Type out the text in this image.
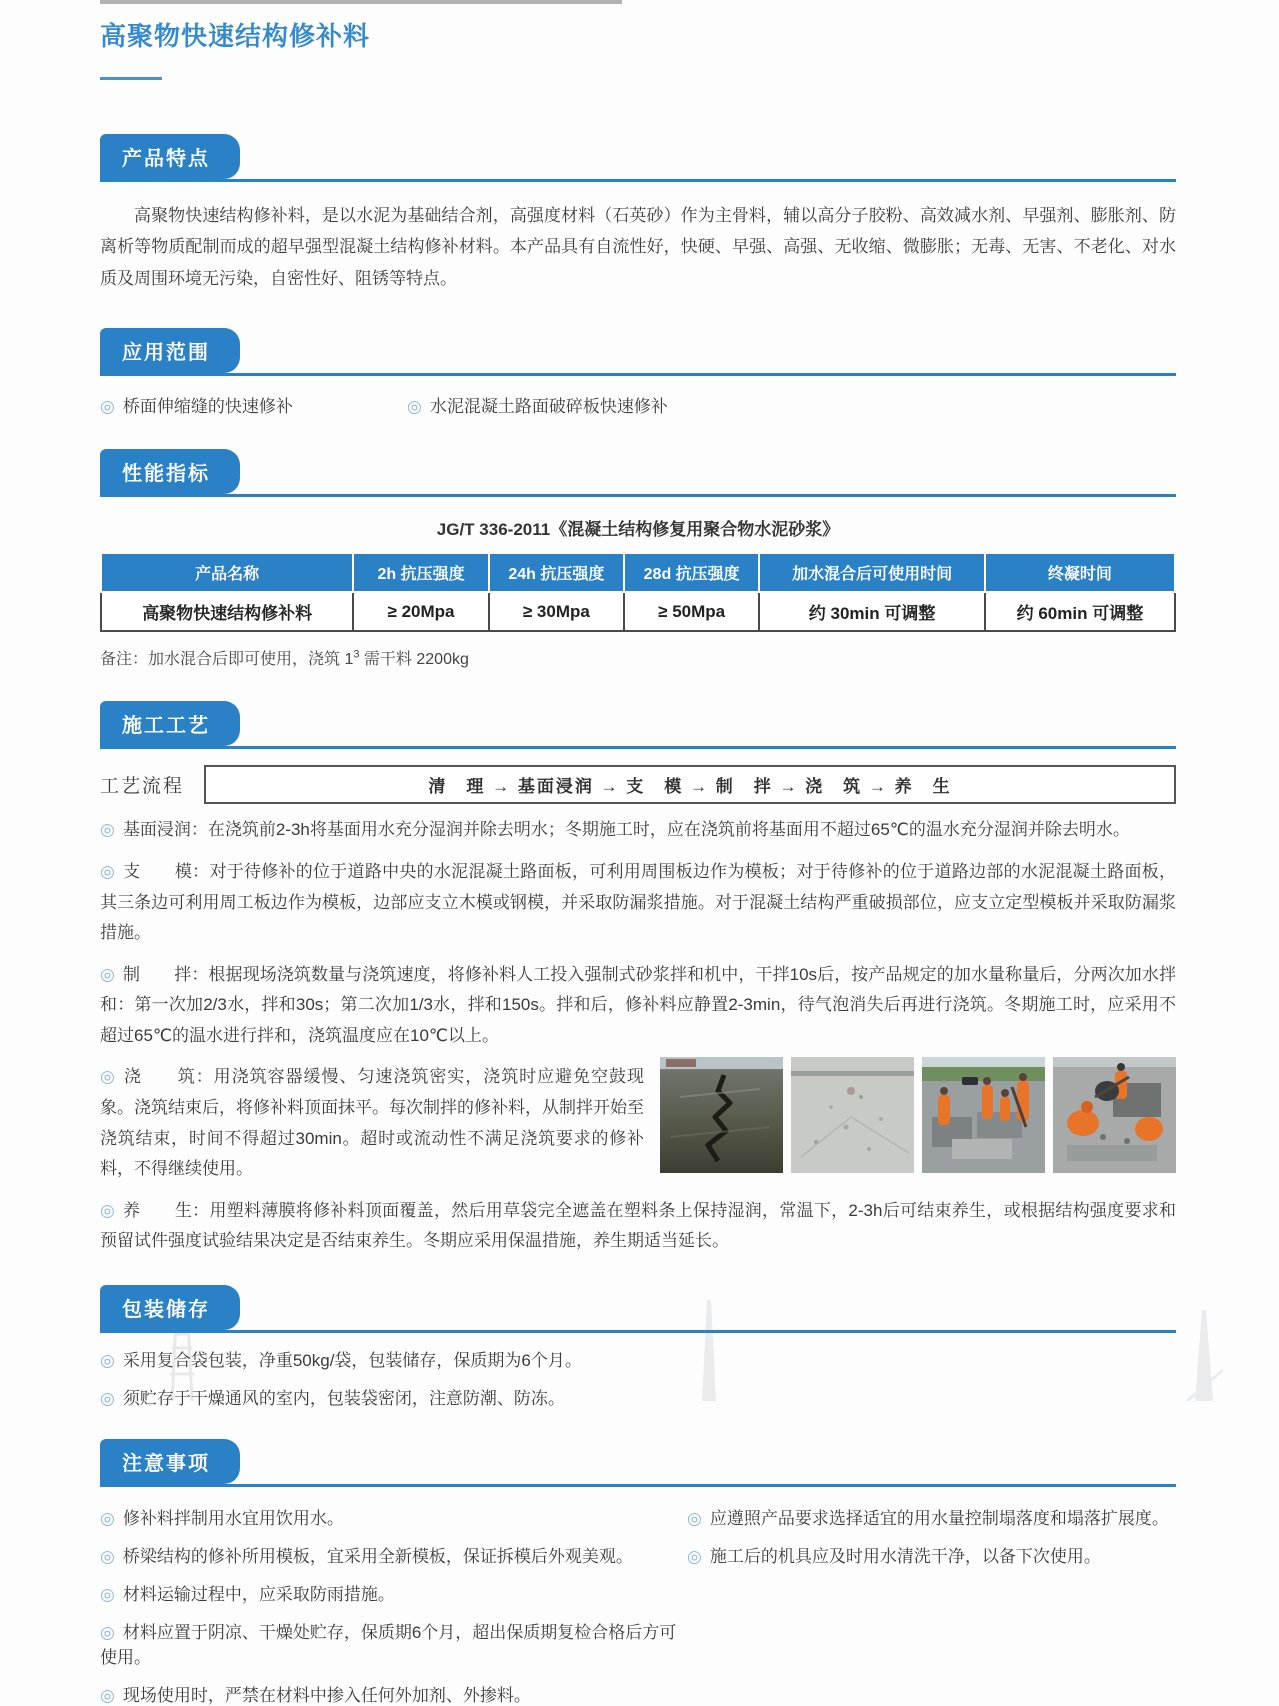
高聚物快速结构修补料
产品特点

高聚物快速结构修补料，是以水泥为基础结合剂，高强度材料（石英砂）作为主骨料，辅以高分子胶粉、高效减水剂、早强剂、膨胀剂、防离析等物质配制而成的超早强型混凝土结构修补材料。本产品具有自流性好，快硬、早强、高强、无收缩、微膨胀；无毒、无害、不老化、对水质及周围环境无污染，自密性好、阻锈等特点。

应用范围
◎ 桥面伸缩缝的快速修补	◎ 水泥混凝土路面破碎板快速修补
性能指标
JG/T 336-2011《混凝土结构修复用聚合物水泥砂浆》
产品名称	2h 抗压强度	24h 抗压强度	28d 抗压强度	加水混合后可使用时间	终凝时间
高聚物快速结构修补料	≥ 20Mpa	≥ 30Mpa	≥ 50Mpa	约 30min 可调整	约 60min 可调整
备注：加水混合后即可使用，浇筑 $1^3$ 需干料 2200kg
施工工艺
工艺流程	清　理 → 基面浸润 → 支　模 → 制　拌 → 浇　筑 → 养　生

◎ 基面浸润：在浇筑前2-3h将基面用水充分湿润并除去明水；冬期施工时，应在浇筑前将基面用不超过65℃的温水充分湿润并除去明水。

◎ 支　　模：对于待修补的位于道路中央的水泥混凝土路面板，可利用周围板边作为模板；对于待修补的位于道路边部的水泥混凝土路面板，其三条边可利用周工板边作为模板，边部应支立木模或钢模，并采取防漏浆措施。对于混凝土结构严重破损部位，应支立定型模板并采取防漏浆措施。

◎ 制　　拌：根据现场浇筑数量与浇筑速度，将修补料人工投入强制式砂浆拌和机中，干拌10s后，按产品规定的加水量称量后，分两次加水拌和：第一次加2/3水，拌和30s；第二次加1/3水，拌和150s。拌和后，修补料应静置2-3min，待气泡消失后再进行浇筑。冬期施工时，应采用不超过65℃的温水进行拌和，浇筑温度应在10℃以上。

◎ 浇　　筑：用浇筑容器缓慢、匀速浇筑密实，浇筑时应避免空鼓现象。浇筑结束后，将修补料顶面抹平。每次制拌的修补料，从制拌开始至浇筑结束，时间不得超过30min。超时或流动性不满足浇筑要求的修补料，不得继续使用。

◎ 养　　生：用塑料薄膜将修补料顶面覆盖，然后用草袋完全遮盖在塑料条上保持湿润，常温下，2-3h后可结束养生，或根据结构强度要求和预留试件强度试验结果决定是否结束养生。冬期应采用保温措施，养生期适当延长。

包装储存

◎ 采用复合袋包装，净重50kg/袋，包装储存，保质期为6个月。

◎ 须贮存于干燥通风的室内，包装袋密闭，注意防潮、防冻。

注意事项

◎ 修补料拌制用水宜用饮用水。

◎ 桥梁结构的修补所用模板，宜采用全新模板，保证拆模后外观美观。

◎ 材料运输过程中，应采取防雨措施。

◎ 材料应置于阴凉、干燥处贮存，保质期6个月，超出保质期复检合格后方可使用。

◎ 现场使用时，严禁在材料中掺入任何外加剂、外掺料。

◎ 应遵照产品要求选择适宜的用水量控制塌落度和塌落扩展度。

◎ 施工后的机具应及时用水清洗干净，以备下次使用。
